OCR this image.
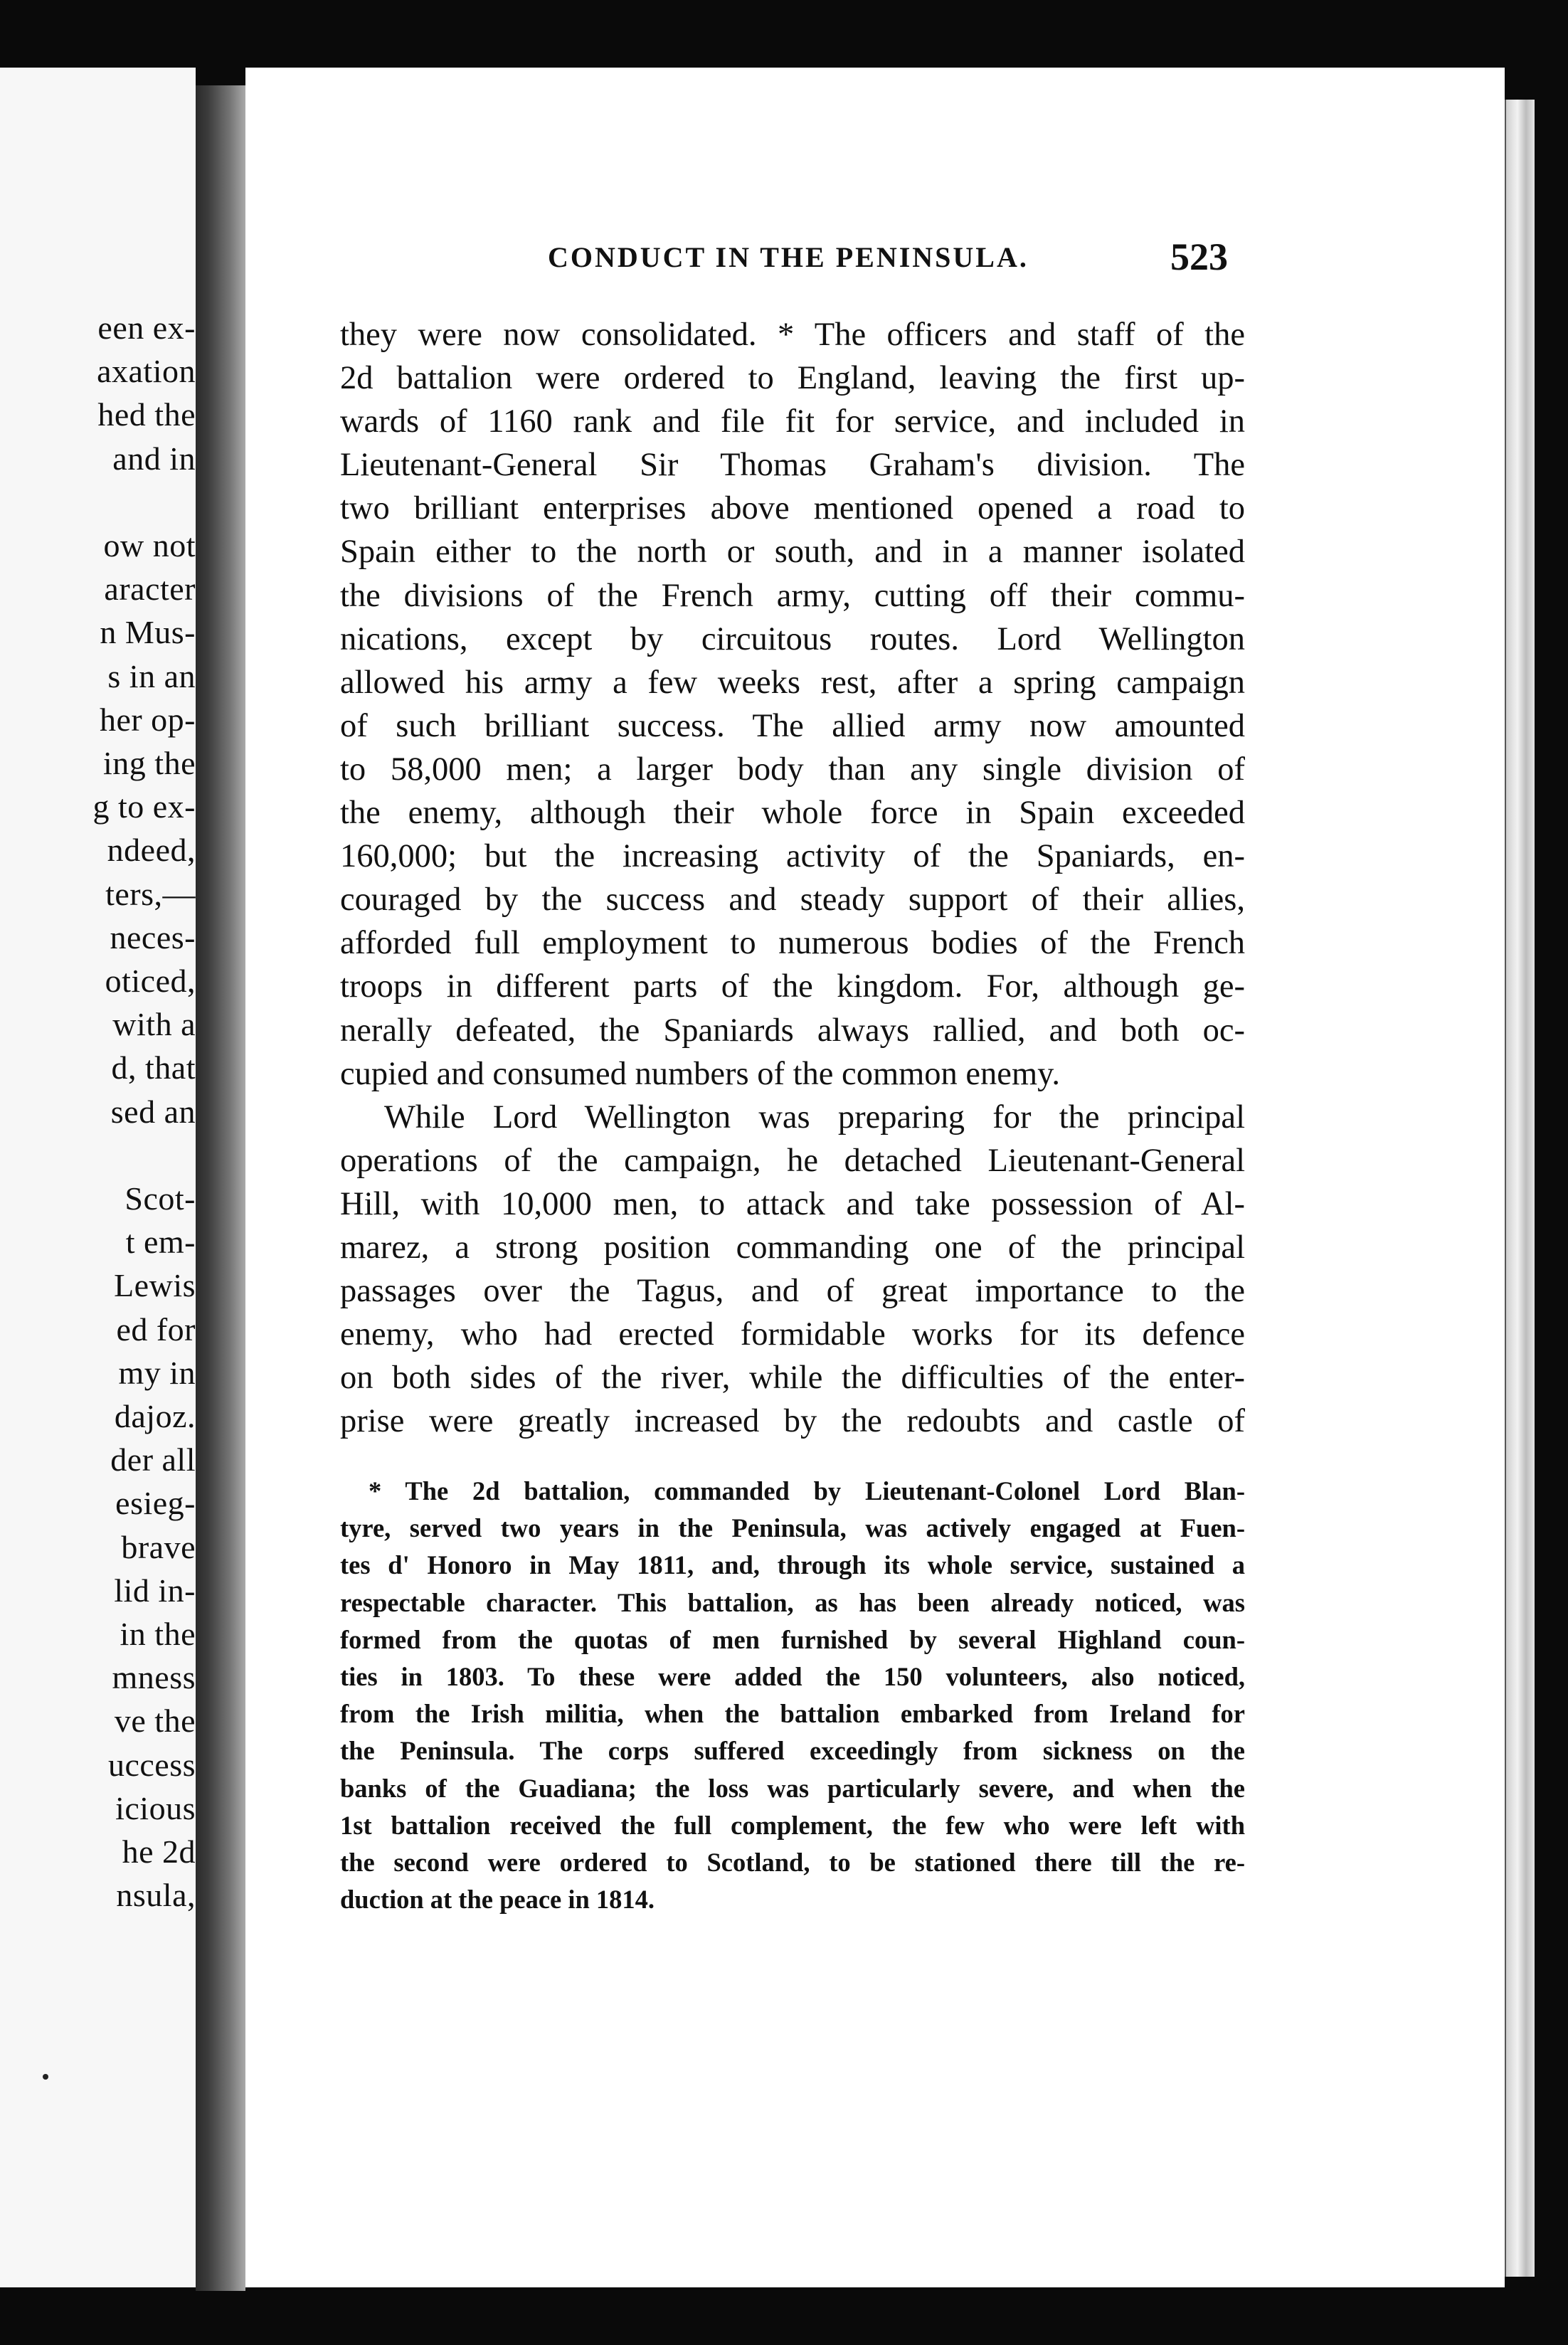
een ex-
axation
hed the
and in
ow not
aracter
n Mus-
s in an
her op-
ing the
g to ex-
ndeed,
ters,—
neces-
oticed,
with a
d, that
sed an
Scot-
t em-
Lewis
ed for
my in
dajoz.
der all
esieg-
brave
lid in-
in the
mness
ve the
uccess
icious
he 2d
nsula,
CONDUCT IN THE PENINSULA.	523
they were now consolidated. * The officers and staff of the
2d battalion were ordered to England, leaving the first up-
wards of 1160 rank and file fit for service, and included in
Lieutenant-General Sir Thomas Graham's division. The
two brilliant enterprises above mentioned opened a road to
Spain either to the north or south, and in a manner isolated
the divisions of the French army, cutting off their commu-
nications, except by circuitous routes. Lord Wellington
allowed his army a few weeks rest, after a spring campaign
of such brilliant success. The allied army now amounted
to 58,000 men; a larger body than any single division of
the enemy, although their whole force in Spain exceeded
160,000; but the increasing activity of the Spaniards, en-
couraged by the success and steady support of their allies,
afforded full employment to numerous bodies of the French
troops in different parts of the kingdom. For, although ge-
nerally defeated, the Spaniards always rallied, and both oc-
cupied and consumed numbers of the common enemy.
While Lord Wellington was preparing for the principal
operations of the campaign, he detached Lieutenant-General
Hill, with 10,000 men, to attack and take possession of Al-
marez, a strong position commanding one of the principal
passages over the Tagus, and of great importance to the
enemy, who had erected formidable works for its defence
on both sides of the river, while the difficulties of the enter-
prise were greatly increased by the redoubts and castle of
* The 2d battalion, commanded by Lieutenant-Colonel Lord Blan-
tyre, served two years in the Peninsula, was actively engaged at Fuen-
tes d' Honoro in May 1811, and, through its whole service, sustained a
respectable character. This battalion, as has been already noticed, was
formed from the quotas of men furnished by several Highland coun-
ties in 1803. To these were added the 150 volunteers, also noticed,
from the Irish militia, when the battalion embarked from Ireland for
the Peninsula. The corps suffered exceedingly from sickness on the
banks of the Guadiana; the loss was particularly severe, and when the
1st battalion received the full complement, the few who were left with
the second were ordered to Scotland, to be stationed there till the re-
duction at the peace in 1814.
